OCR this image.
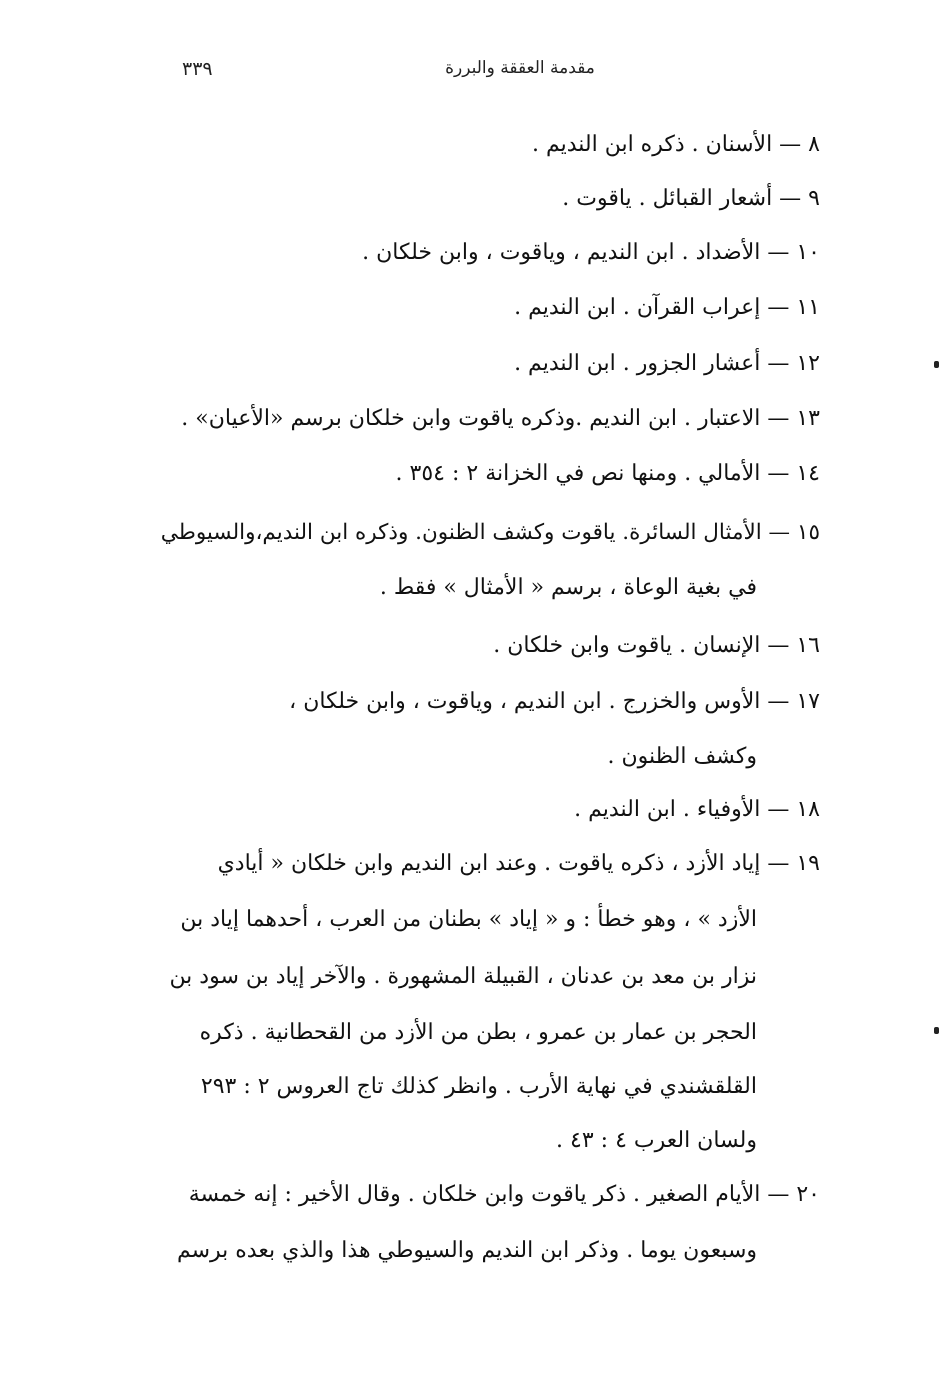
٣٣٩	مقدمة العققة والبررة
٨ — الأسنان . ذكره ابن النديم .
٩ — أشعار القبائل . ياقوت .
١٠ — الأضداد . ابن النديم ، وياقوت ، وابن خلكان .
١١ — إعراب القرآن . ابن النديم .
١٢ — أعشار الجزور . ابن النديم .
١٣ — الاعتبار . ابن النديم .وذكره ياقوت وابن خلكان برسم «الأعيان» .
١٤ — الأمالي . ومنها نص في الخزانة ٢ : ٣٥٤ .
١٥ — الأمثال السائرة. ياقوت وكشف الظنون. وذكره ابن النديم،والسيوطي
في بغية الوعاة ، برسم « الأمثال » فقط .
١٦ — الإنسان . ياقوت وابن خلكان .
١٧ — الأوس والخزرج . ابن النديم ، وياقوت ، وابن خلكان ،
وكشف الظنون .
١٨ — الأوفياء . ابن النديم .
١٩ — إياد الأزد ، ذكره ياقوت . وعند ابن النديم وابن خلكان « أيادي
الأزد » ، وهو خطأ : و « إياد » بطنان من العرب ، أحدهما إياد بن
نزار بن معد بن عدنان ، القبيلة المشهورة . والآخر إياد بن سود بن
الحجر بن عمار بن عمرو ، بطن من الأزد من القحطانية . ذكره
القلقشندي في نهاية الأرب . وانظر كذلك تاج العروس ٢ : ٢٩٣
ولسان العرب ٤ : ٤٣ .
٢٠ — الأيام الصغير . ذكر ياقوت وابن خلكان . وقال الأخير : إنه خمسة
وسبعون يوما . وذكر ابن النديم والسيوطي هذا والذي بعده برسم
